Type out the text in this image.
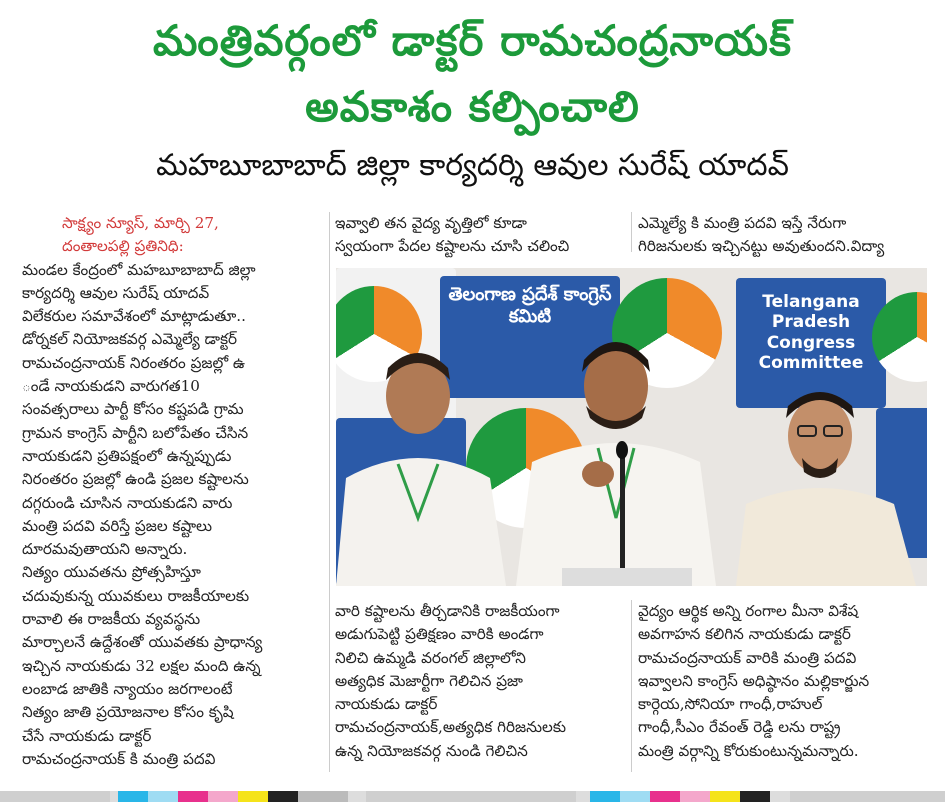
మంత్రివర్గంలో డాక్టర్ రామచంద్రనాయక్
అవకాశం కల్పించాలి
మహబూబాబాద్ జిల్లా కార్యదర్శి ఆవుల సురేష్ యాదవ్
సాక్ష్యం న్యూస్, మార్చి 27,
దంతాలపల్లి ప్రతినిధి:
మండల కేంద్రంలో మహబూబాబాద్ జిల్లా
కార్యదర్శి ఆవుల సురేష్ యాదవ్
విలేకరుల సమావేశంలో మాట్లాడుతూ..
డోర్నకల్ నియోజకవర్గ ఎమ్మెల్యే డాక్టర్
రామచంద్రనాయక్ నిరంతరం ప్రజల్లో ఉ
ండే నాయకుడని వారుగత10
సంవత్సరాలు పార్టీ కోసం కష్టపడి గ్రామ
గ్రామన కాంగ్రెస్ పార్టీని బలోపేతం చేసిన
నాయకుడని ప్రతిపక్షంలో ఉన్నప్పుడు
నిరంతరం ప్రజల్లో ఉండి ప్రజల కష్టాలను
దగ్గరుండి చూసిన నాయకుడని వారు
మంత్రి పదవి వరిస్తే ప్రజల కష్టాలు
దూరమవుతాయని అన్నారు.
నిత్యం యువతను ప్రోత్సహిస్తూ
చదువుకున్న యువకులు రాజకీయాలకు
రావాలి ఈ రాజకీయ వ్యవస్థను
మార్చాలనే ఉద్దేశంతో యువతకు ప్రాధాన్య
ఇచ్చిన నాయకుడు 32 లక్షల మంది ఉన్న
లంబాడ జాతికి న్యాయం జరగాలంటే
నిత్యం జాతి ప్రయోజనాల కోసం కృషి
చేసే నాయకుడు డాక్టర్
రామచంద్రనాయక్ కి మంత్రి పదవి
ఇవ్వాలి తన వైద్య వృత్తిలో కూడా
స్వయంగా పేదల కష్టాలను చూసి చలించి
ఎమ్మెల్యే కి మంత్రి పదవి ఇస్తే నేరుగా
గిరిజనులకు ఇచ్చినట్టు అవుతుందని.విద్యా
తెలంగాణ ప్రదేశ్ కాంగ్రెస్ కమిటి
Telangana
Pradesh
Congress
Committee
వారి కష్టాలను తీర్చడానికి రాజకీయంగా
అడుగుపెట్టి ప్రతిక్షణం వారికి అండగా
నిలిచి ఉమ్మడి వరంగల్ జిల్లాలోని
అత్యధిక మెజార్టీగా గెలిచిన ప్రజా
నాయకుడు డాక్టర్
రామచంద్రనాయక్,అత్యధిక గిరిజనులకు
ఉన్న నియోజకవర్గ నుండి గెలిచిన
వైద్యం ఆర్థిక అన్ని రంగాల మీనా విశేష
అవగాహన కలిగిన నాయకుడు డాక్టర్
రామచంద్రనాయక్ వారికి మంత్రి పదవి
ఇవ్వాలని కాంగ్రెస్ అధిష్ఠానం మల్లికార్జున
కార్గెయ,సోనియా గాంధీ,రాహుల్
గాంధీ,సీఎం రేవంత్ రెడ్డి లను రాష్ట్ర
మంత్రి వర్గాన్ని కోరుకుంటున్నమన్నారు.
